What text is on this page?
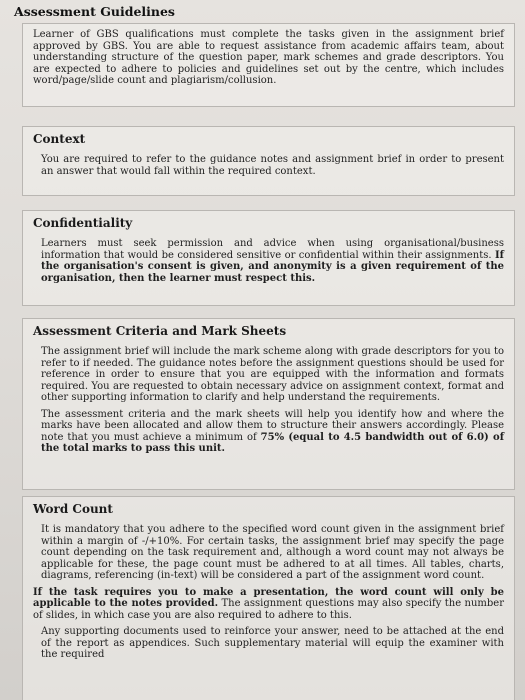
Assessment Guidelines

Learner of GBS qualifications must complete the tasks given in the assignment brief approved by GBS. You are able to request assistance from academic affairs team, about understanding structure of the question paper, mark schemes and grade descriptors. You are expected to adhere to policies and guidelines set out by the centre, which includes word/page/slide count and plagiarism/collusion.

Context

You are required to refer to the guidance notes and assignment brief in order to present an answer that would fall within the required context.

Confidentiality

Learners must seek permission and advice when using organisational/business information that would be considered sensitive or confidential within their assignments. If the organisation's consent is given, and anonymity is a given requirement of the organisation, then the learner must respect this.

Assessment Criteria and Mark Sheets

The assignment brief will include the mark scheme along with grade descriptors for you to refer to if needed. The guidance notes before the assignment questions should be used for reference in order to ensure that you are equipped with the information and formats required. You are requested to obtain necessary advice on assignment context, format and other supporting information to clarify and help understand the requirements.

The assessment criteria and the mark sheets will help you identify how and where the marks have been allocated and allow them to structure their answers accordingly. Please note that you must achieve a minimum of 75% (equal to 4.5 bandwidth out of 6.0) of the total marks to pass this unit.

Word Count

It is mandatory that you adhere to the specified word count given in the assignment brief within a margin of -/+10%. For certain tasks, the assignment brief may specify the page count depending on the task requirement and, although a word count may not always be applicable for these, the page count must be adhered to at all times. All tables, charts, diagrams, referencing (in-text) will be considered a part of the assignment word count.

If the task requires you to make a presentation, the word count will only be applicable to the notes provided. The assignment questions may also specify the number of slides, in which case you are also required to adhere to this.

Any supporting documents used to reinforce your answer, need to be attached at the end of the report as appendices. Such supplementary material will equip the examiner with the required
